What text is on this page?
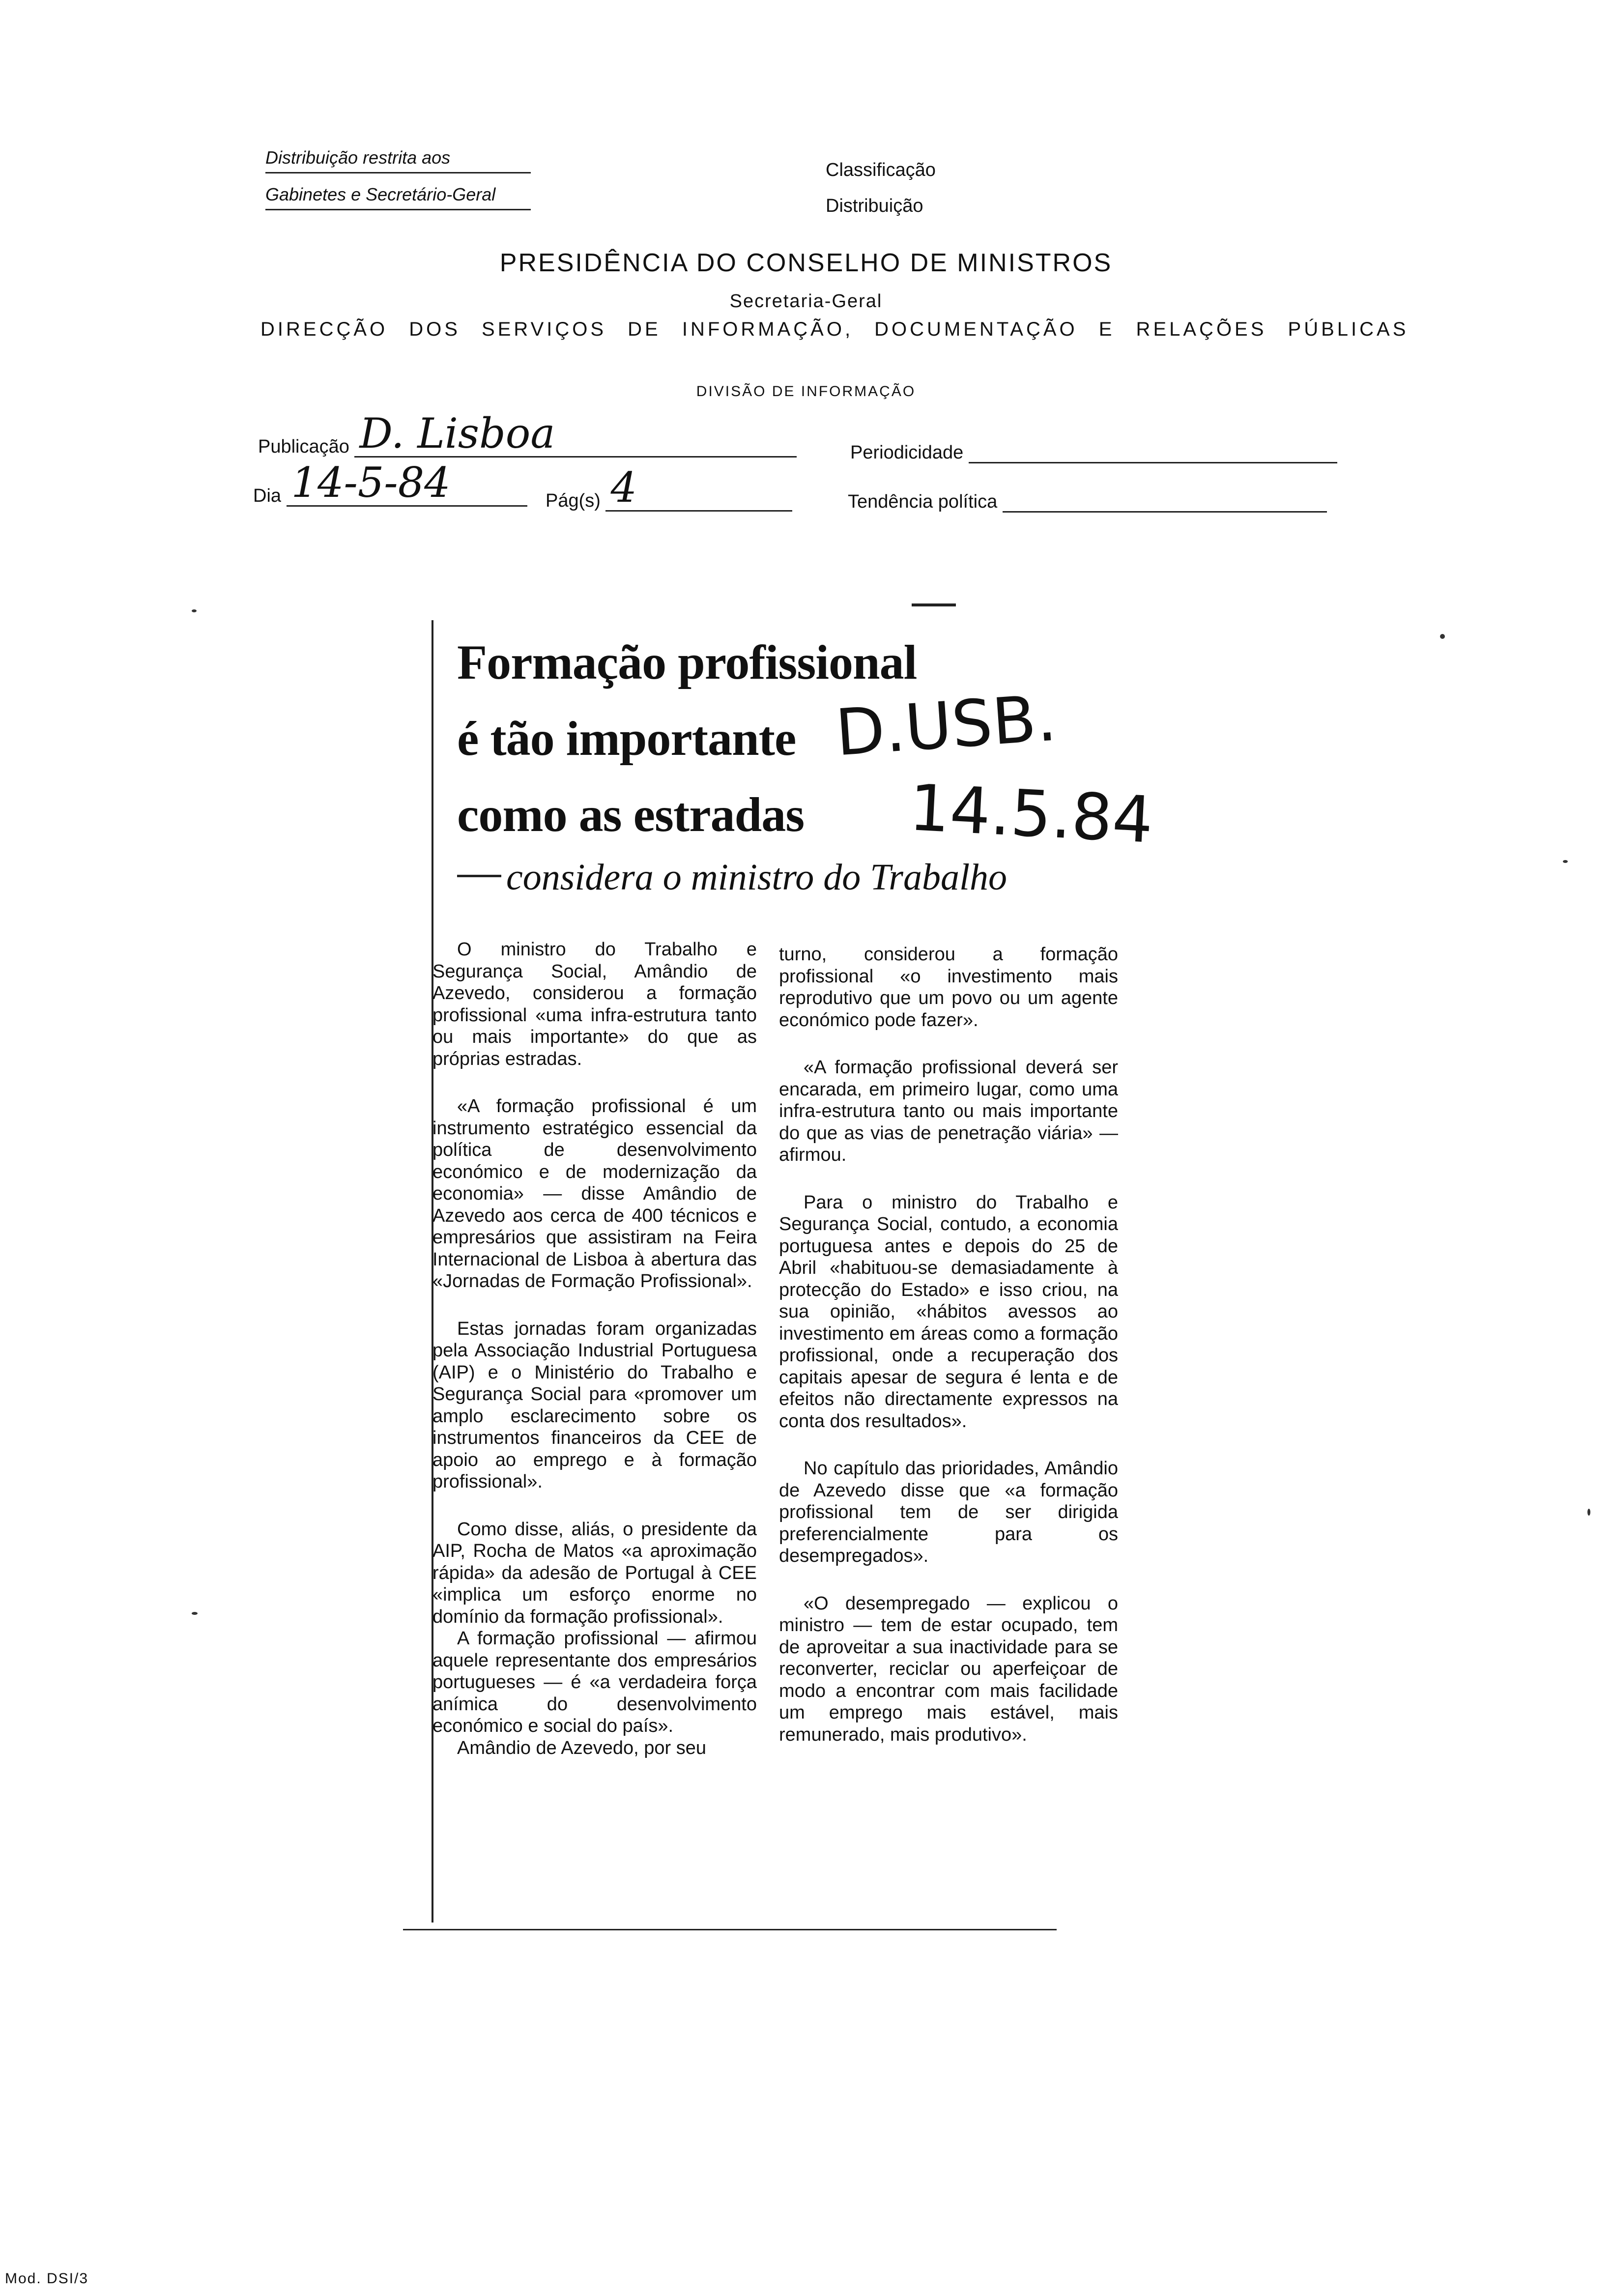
Distribuição restrita aos
Gabinetes e Secretário-Geral
Classificação
Distribuição
PRESIDÊNCIA DO CONSELHO DE MINISTROS
Secretaria-Geral
DIRECÇÃO DOS SERVIÇOS DE INFORMAÇÃO, DOCUMENTAÇÃO E RELAÇÕES PÚBLICAS
DIVISÃO DE INFORMAÇÃO
Publicação D. Lisboa	Periodicidade
Dia 14-5-84	Pág(s) 4	Tendência política
Formação profissional
é tão importante
como as estradas
considera o ministro do Trabalho
D.USB.
14.5.84

O ministro do Trabalho e Segurança Social, Amândio de Azevedo, considerou a formação profissional «uma infra-estrutura tanto ou mais importante» do que as próprias estradas.

«A formação profissional é um instrumento estratégico essencial da política de desenvolvimento económico e de modernização da economia» — disse Amândio de Azevedo aos cerca de 400 técnicos e empresários que assistiram na Feira Internacional de Lisboa à abertura das «Jornadas de Formação Profissional».

Estas jornadas foram organizadas pela Associação Industrial Portuguesa (AIP) e o Ministério do Trabalho e Segurança Social para «promover um amplo esclarecimento sobre os instrumentos financeiros da CEE de apoio ao emprego e à formação profissional».

Como disse, aliás, o presidente da AIP, Rocha de Matos «a aproximação rápida» da adesão de Portugal à CEE «implica um esforço enorme no domínio da formação profissional».

A formação profissional — afirmou aquele representante dos empresários portugueses — é «a verdadeira força anímica do desenvolvimento económico e social do país».

Amândio de Azevedo, por seu

turno, considerou a formação profissional «o investimento mais reprodutivo que um povo ou um agente económico pode fazer».

«A formação profissional deverá ser encarada, em primeiro lugar, como uma infra-estrutura tanto ou mais importante do que as vias de penetração viária» — afirmou.

Para o ministro do Trabalho e Segurança Social, contudo, a economia portuguesa antes e depois do 25 de Abril «habituou-se demasiadamente à protecção do Estado» e isso criou, na sua opinião, «hábitos avessos ao investimento em áreas como a formação profissional, onde a recuperação dos capitais apesar de segura é lenta e de efeitos não directamente expressos na conta dos resultados».

No capítulo das prioridades, Amândio de Azevedo disse que «a formação profissional tem de ser dirigida preferencialmente para os desempregados».

«O desempregado — explicou o ministro — tem de estar ocupado, tem de aproveitar a sua inactividade para se reconverter, reciclar ou aperfeiçoar de modo a encontrar com mais facilidade um emprego mais estável, mais remunerado, mais produtivo».

Mod. DSI/3
